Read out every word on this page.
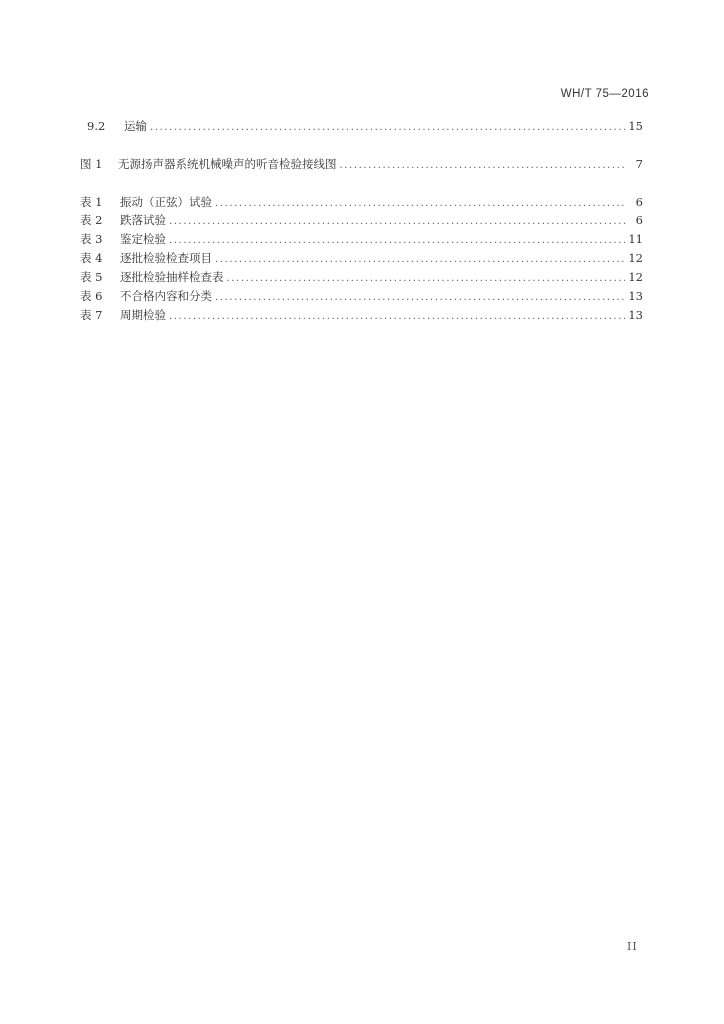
WH/T 75—2016
9.2	运输 .....	15
图 1	无源扬声器系统机械噪声的听音检验接线图 .....	7
表 1	振动（正弦）试验 .....	6
表 2	跌落试验 .....	6
表 3	鉴定检验 .....	11
表 4	逐批检验检查项目 .....	12
表 5	逐批检验抽样检查表 .....	12
表 6	不合格内容和分类 .....	13
表 7	周期检验 .....	13
II
